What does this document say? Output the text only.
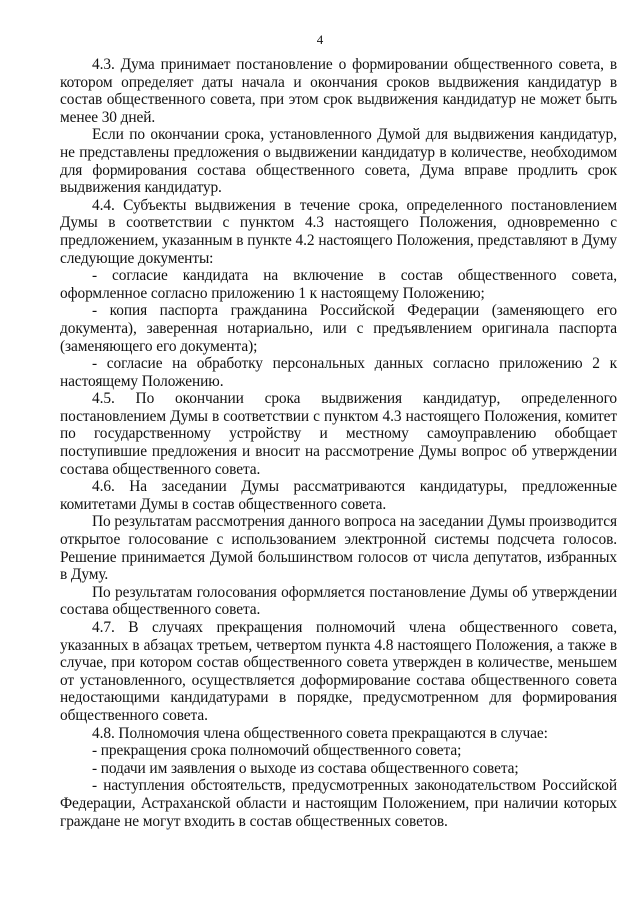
4

4.3. Дума принимает постановление о формировании общественного совета, в котором определяет даты начала и окончания сроков выдвижения кандидатур в состав общественного совета, при этом срок выдвижения кандидатур не может быть менее 30 дней.

Если по окончании срока, установленного Думой для выдвижения кандидатур, не представлены предложения о выдвижении кандидатур в количестве, необходимом для формирования состава общественного совета, Дума вправе продлить срок выдвижения кандидатур.

4.4. Субъекты выдвижения в течение срока, определенного постановлением Думы в соответствии с пунктом 4.3 настоящего Положения, одновременно с предложением, указанным в пункте 4.2 настоящего Положения, представляют в Думу следующие документы:

- согласие кандидата на включение в состав общественного совета, оформленное согласно приложению 1 к настоящему Положению;

- копия паспорта гражданина Российской Федерации (заменяющего его документа), заверенная нотариально, или с предъявлением оригинала паспорта (заменяющего его документа);

- согласие на обработку персональных данных согласно приложению 2 к настоящему Положению.

4.5. По окончании срока выдвижения кандидатур, определенного постановлением Думы в соответствии с пунктом 4.3 настоящего Положения, комитет по государственному устройству и местному самоуправлению обобщает поступившие предложения и вносит на рассмотрение Думы вопрос об утверждении состава общественного совета.

4.6. На заседании Думы рассматриваются кандидатуры, предложенные комитетами Думы в состав общественного совета.

По результатам рассмотрения данного вопроса на заседании Думы производится открытое голосование с использованием электронной системы подсчета голосов. Решение принимается Думой большинством голосов от числа депутатов, избранных в Думу.

По результатам голосования оформляется постановление Думы об утверждении состава общественного совета.

4.7. В случаях прекращения полномочий члена общественного совета, указанных в абзацах третьем, четвертом пункта 4.8 настоящего Положения, а также в случае, при котором состав общественного совета утвержден в количестве, меньшем от установленного, осуществляется доформирование состава общественного совета недостающими кандидатурами в порядке, предусмотренном для формирования общественного совета.

4.8. Полномочия члена общественного совета прекращаются в случае:

- прекращения срока полномочий общественного совета;

- подачи им заявления о выходе из состава общественного совета;

- наступления обстоятельств, предусмотренных законодательством Российской Федерации, Астраханской области и настоящим Положением, при наличии которых граждане не могут входить в состав общественных советов.
